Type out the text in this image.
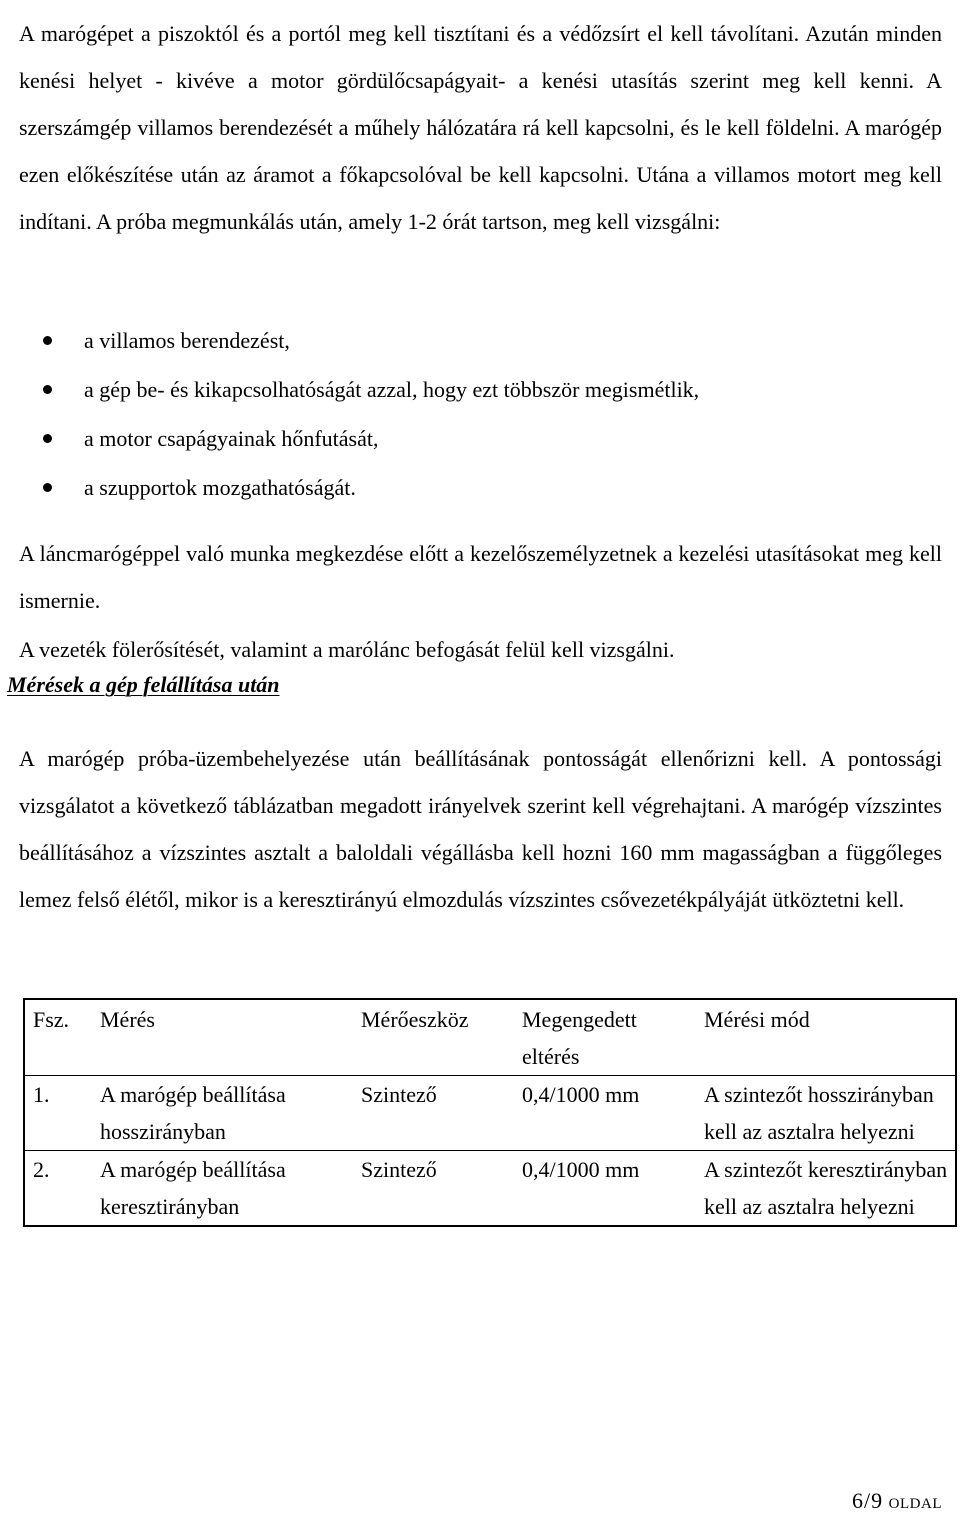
A marógépet a piszoktól és a portól meg kell tisztítani és a védőzsírt el kell távolítani. Azután minden kenési helyet - kivéve a motor gördülőcsapágyait- a kenési utasítás szerint meg kell kenni. A szerszámgép villamos berendezését a műhely hálózatára rá kell kapcsolni, és le kell földelni. A marógép ezen előkészítése után az áramot a főkapcsolóval be kell kapcsolni. Utána a villamos motort meg kell indítani. A próba megmunkálás után, amely 1-2 órát tartson, meg kell vizsgálni:

a villamos berendezést,
a gép be- és kikapcsolhatóságát azzal, hogy ezt többször megismétlik,
a motor csapágyainak hőnfutását,
a szupportok mozgathatóságát.

A láncmarógéppel való munka megkezdése előtt a kezelőszemélyzetnek a kezelési utasításokat meg kell ismernie.

A vezeték fölerősítését, valamint a marólánc befogását felül kell vizsgálni.

Mérések a gép felállítása után

A marógép próba-üzembehelyezése után beállításának pontosságát ellenőrizni kell. A pontossági vizsgálatot a következő táblázatban megadott irányelvek szerint kell végrehajtani. A marógép vízszintes beállításához a vízszintes asztalt a baloldali végállásba kell hozni 160 mm magasságban a függőleges lemez felső élétől, mikor is a keresztirányú elmozdulás vízszintes csővezetékpályáját ütköztetni kell.

Fsz.	Mérés	Mérőeszköz	Megengedett eltérés	Mérési mód
1.	A marógép beállítása hosszirányban	Szintező	0,4/1000 mm	A szintezőt hosszirányban kell az asztalra helyezni
2.	A marógép beállítása keresztirányban	Szintező	0,4/1000 mm	A szintezőt keresztirányban kell az asztalra helyezni
6/9 OLDAL
